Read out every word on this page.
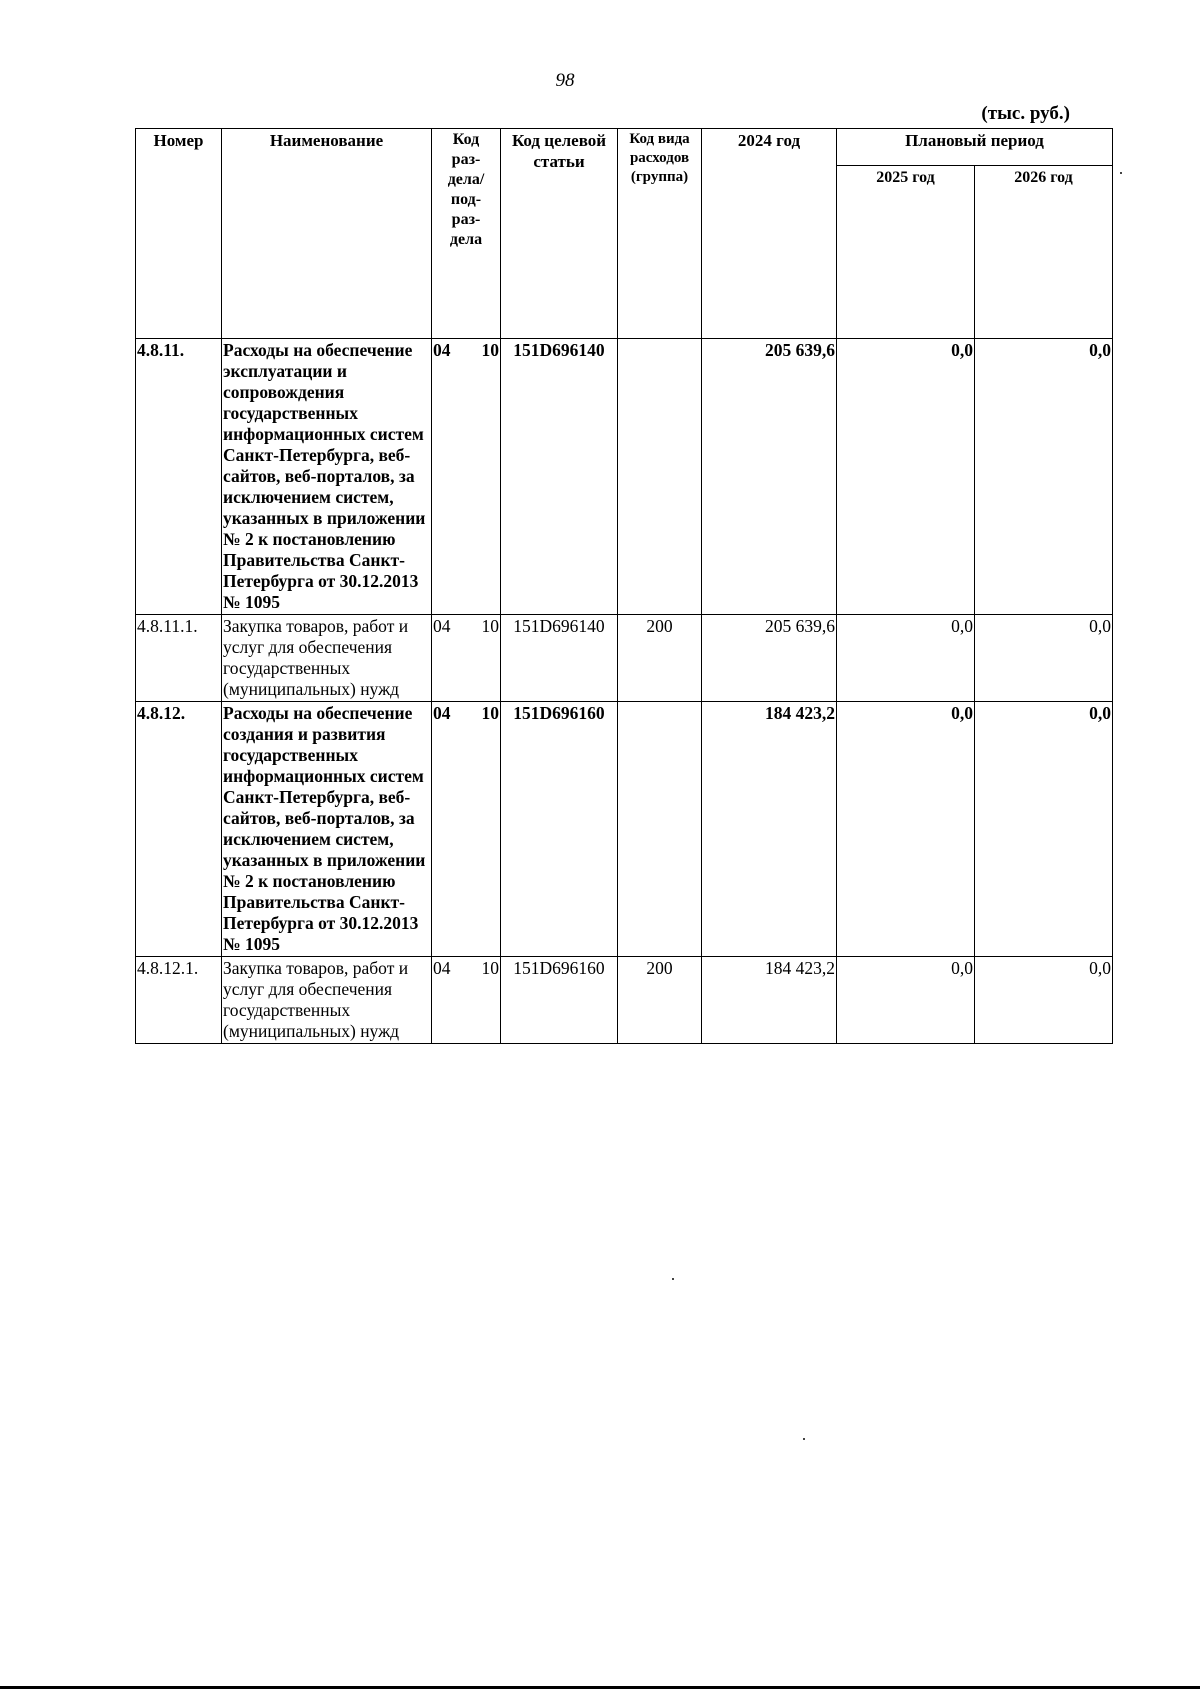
98
(тыс. руб.)
Номер	Наименование	Код раз- дела/ под- раз- дела	Код целевой статьи	Код вида расходов (группа)	2024 год	Плановый период	
						2025 год	2026 год
4.8.11.	Расходы на обеспечение эксплуатации и сопровождения государственных информационных систем Санкт-Петербурга, веб-сайтов, веб-порталов, за исключением систем, указанных в приложении № 2 к постановлению Правительства Санкт-Петербурга от 30.12.2013 № 1095	04 10	151D696140		205 639,6	0,0	0,0
4.8.11.1.	Закупка товаров, работ и услуг для обеспечения государственных (муниципальных) нужд	04 10	151D696140	200	205 639,6	0,0	0,0
4.8.12.	Расходы на обеспечение создания и развития государственных информационных систем Санкт-Петербурга, веб-сайтов, веб-порталов, за исключением систем, указанных в приложении № 2 к постановлению Правительства Санкт-Петербурга от 30.12.2013 № 1095	04 10	151D696160		184 423,2	0,0	0,0
4.8.12.1.	Закупка товаров, работ и услуг для обеспечения государственных (муниципальных) нужд	04 10	151D696160	200	184 423,2	0,0	0,0
